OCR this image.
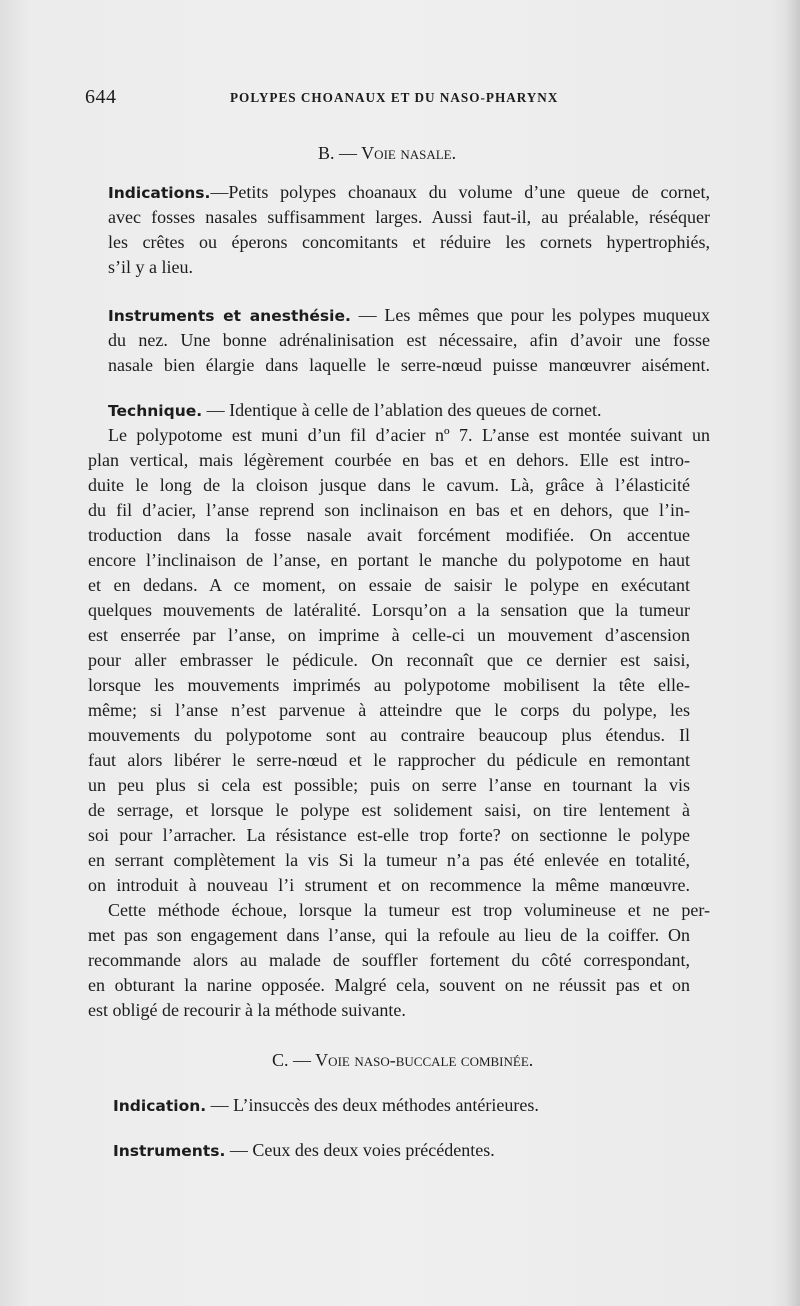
644	POLYPES CHOANAUX ET DU NASO-PHARYNX
B. — Voie nasale.
Indications.—Petits polypes choanaux du volume d’une queue de cornet,
avec fosses nasales suffisamment larges. Aussi faut-il, au préalable, réséquer
les crêtes ou éperons concomitants et réduire les cornets hypertrophiés,
s’il y a lieu.
Instruments et anesthésie. — Les mêmes que pour les polypes muqueux
du nez. Une bonne adrénalinisation est nécessaire, afin d’avoir une fosse
nasale bien élargie dans laquelle le serre-nœud puisse manœuvrer aisément.
Technique. — Identique à celle de l’ablation des queues de cornet.
Le polypotome est muni d’un fil d’acier nº 7. L’anse est montée suivant un
plan vertical, mais légèrement courbée en bas et en dehors. Elle est intro-
duite le long de la cloison jusque dans le cavum. Là, grâce à l’élasticité
du fil d’acier, l’anse reprend son inclinaison en bas et en dehors, que l’in-
troduction dans la fosse nasale avait forcément modifiée. On accentue
encore l’inclinaison de l’anse, en portant le manche du polypotome en haut
et en dedans. A ce moment, on essaie de saisir le polype en exécutant
quelques mouvements de latéralité. Lorsqu’on a la sensation que la tumeur
est enserrée par l’anse, on imprime à celle-ci un mouvement d’ascension
pour aller embrasser le pédicule. On reconnaît que ce dernier est saisi,
lorsque les mouvements imprimés au polypotome mobilisent la tête elle-
même; si l’anse n’est parvenue à atteindre que le corps du polype, les
mouvements du polypotome sont au contraire beaucoup plus étendus. Il
faut alors libérer le serre-nœud et le rapprocher du pédicule en remontant
un peu plus si cela est possible; puis on serre l’anse en tournant la vis
de serrage, et lorsque le polype est solidement saisi, on tire lentement à
soi pour l’arracher. La résistance est-elle trop forte? on sectionne le polype
en serrant complètement la vis Si la tumeur n’a pas été enlevée en totalité,
on introduit à nouveau l’i strument et on recommence la même manœuvre.
Cette méthode échoue, lorsque la tumeur est trop volumineuse et ne per-
met pas son engagement dans l’anse, qui la refoule au lieu de la coiffer. On
recommande alors au malade de souffler fortement du côté correspondant,
en obturant la narine opposée. Malgré cela, souvent on ne réussit pas et on
est obligé de recourir à la méthode suivante.
Indication. — L’insuccès des deux méthodes antérieures.
Instruments. — Ceux des deux voies précédentes.
C. — Voie naso-buccale combinée.
